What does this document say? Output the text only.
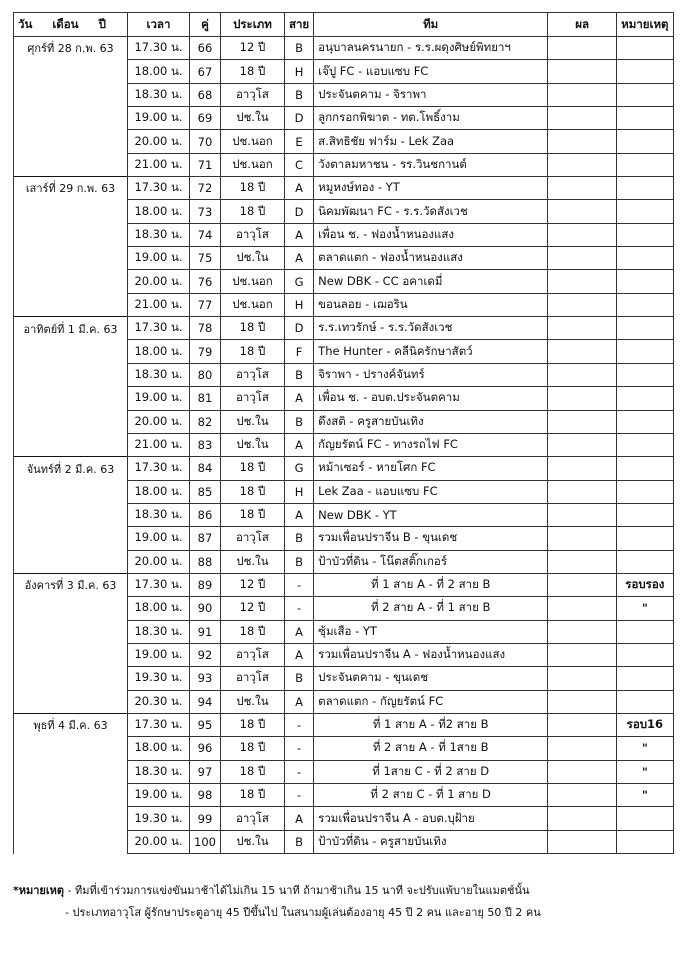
วัน เดือน ปี	เวลา	คู่	ประเภท	สาย	ทีม	ผล	หมายเหตุ
ศุกร์ที่ 28 ก.พ. 63	17.30 น.	66	12 ปี	B	อนุบาลนครนายก - ร.ร.ผดุงศิษย์พิทยาฯ		
	18.00 น.	67	18 ปี	H	เจ๊ปู FC - แอบแซบ FC		
	18.30 น.	68	อาวุโส	B	ประจันตคาม - จิราพา		
	19.00 น.	69	ปช.ใน	D	ลูกกรอกพิฆาต - ทต.โพธิ์งาม		
	20.00 น.	70	ปช.นอก	E	ส.สิทธิชัย ฟาร์ม - Lek Zaa		
	21.00 น.	71	ปช.นอก	C	วังตาลมหาชน - รร.วินชกานต์		
เสาร์ที่ 29 ก.พ. 63	17.30 น.	72	18 ปี	A	หมูหงษ์ทอง - YT		
	18.00 น.	73	18 ปี	D	นิคมพัฒนา FC - ร.ร.วัดสังเวช		
	18.30 น.	74	อาวุโส	A	เพื่อน ช. - ฟองน้ำหนองแสง		
	19.00 น.	75	ปช.ใน	A	ตลาดแตก - ฟองน้ำหนองแสง		
	20.00 น.	76	ปช.นอก	G	New DBK - CC อคาเดมี่		
	21.00 น.	77	ปช.นอก	H	ขอนลอย - เฌอริน		
อาทิตย์ที่ 1 มี.ค. 63	17.30 น.	78	18 ปี	D	ร.ร.เทวรักษ์ - ร.ร.วัดสังเวช		
	18.00 น.	79	18 ปี	F	The Hunter - คลีนิครักษาสัตว์		
	18.30 น.	80	อาวุโส	B	จิราพา - ปรางค์จันทร์		
	19.00 น.	81	อาวุโส	A	เพื่อน ช. - อบต.ประจันตคาม		
	20.00 น.	82	ปช.ใน	B	ดึงสติ - ครูสายบันเทิง		
	21.00 น.	83	ปช.ใน	A	กัญยรัตน์ FC - ทางรถไฟ FC		
จันทร์ที่ 2 มี.ค. 63	17.30 น.	84	18 ปี	G	หม้าเซอร์ - หายโศก FC		
	18.00 น.	85	18 ปี	H	Lek Zaa - แอบแซบ FC		
	18.30 น.	86	18 ปี	A	New DBK - YT		
	19.00 น.	87	อาวุโส	B	รวมเพื่อนปราจีน B - ขุนเดช		
	20.00 น.	88	ปช.ใน	B	ป้าบัวที่ดิน - โน๊ตสติ๊กเกอร์		
อังคารที่ 3 มี.ค. 63	17.30 น.	89	12 ปี	-	ที่ 1 สาย A - ที่ 2 สาย B		รอบรอง
	18.00 น.	90	12 ปี	-	ที่ 2 สาย A - ที่ 1 สาย B		"
	18.30 น.	91	18 ปี	A	ซุ้มเสือ - YT		
	19.00 น.	92	อาวุโส	A	รวมเพื่อนปราจีน A - ฟองน้ำหนองแสง		
	19.30 น.	93	อาวุโส	B	ประจันตคาม - ขุนเดช		
	20.30 น.	94	ปช.ใน	A	ตลาดแตก - กัญยรัตน์ FC		
พุธที่ 4 มี.ค. 63	17.30 น.	95	18 ปี	-	ที่ 1 สาย A - ที่2 สาย B		รอบ16
	18.00 น.	96	18 ปี	-	ที่ 2 สาย A - ที่ 1สาย B		"
	18.30 น.	97	18 ปี	-	ที่ 1สาย C - ที่ 2 สาย D		"
	19.00 น.	98	18 ปี	-	ที่ 2 สาย C - ที่ 1 สาย D		"
	19.30 น.	99	อาวุโส	A	รวมเพื่อนปราจีน A - อบต.บุฝ้าย		
	20.00 น.	100	ปช.ใน	B	ป้าบัวที่ดิน - ครูสายบันเทิง		
*หมายเหตุ - ทีมที่เข้าร่วมการแข่งขันมาช้าได้ไม่เกิน 15 นาที ถ้ามาช้าเกิน 15 นาที จะปรับแพ้บายในแมตช์นั้น
- ประเภทอาวุโส ผู้รักษาประตูอายุ 45 ปีขึ้นไป ในสนามผู้เล่นต้องอายุ 45 ปี 2 คน และอายุ 50 ปี 2 คน
